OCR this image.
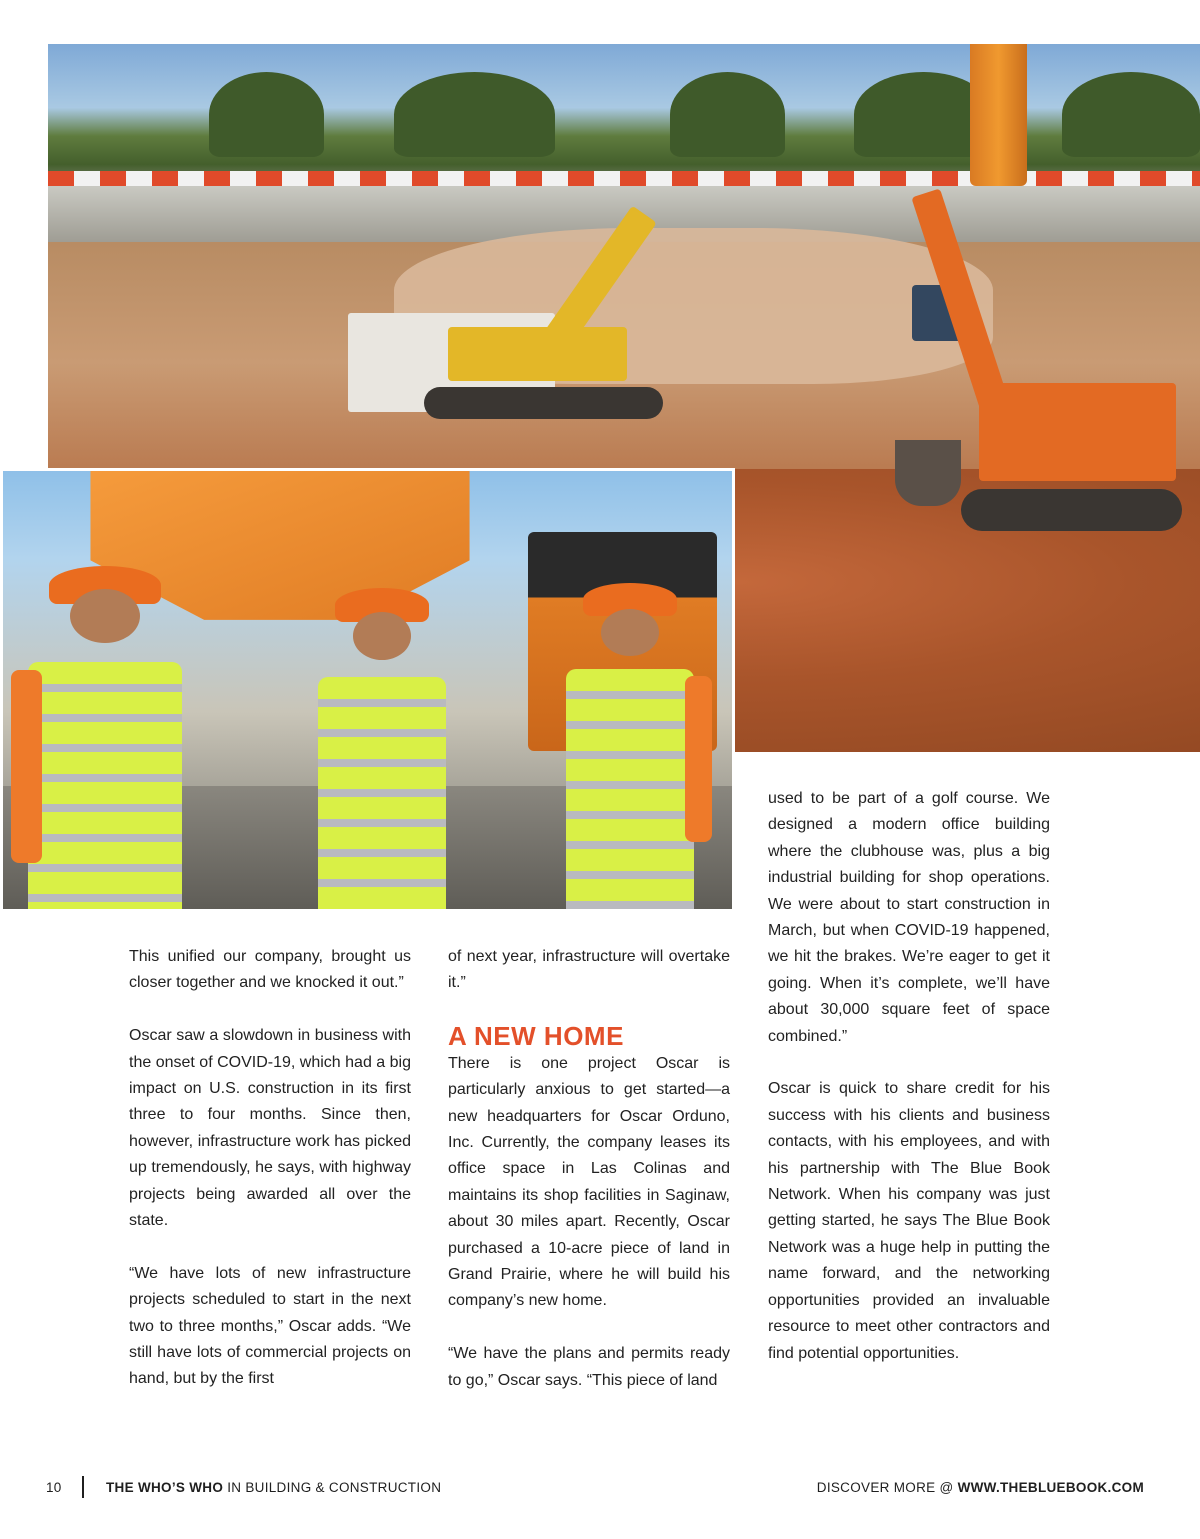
This unified our company, brought us closer together and we knocked it out.”

Oscar saw a slowdown in business with the onset of COVID-19, which had a big impact on U.S. construction in its first three to four months. Since then, however, infrastructure work has picked up tremendously, he says, with highway projects being awarded all over the state.

“We have lots of new infrastructure projects scheduled to start in the next two to three months,” Oscar adds. “We still have lots of commercial projects on hand, but by the first

of next year, infrastructure will overtake it.”

A NEW HOME

There is one project Oscar is particularly anxious to get started—a new headquarters for Oscar Orduno, Inc. Currently, the company leases its office space in Las Colinas and maintains its shop facilities in Saginaw, about 30 miles apart. Recently, Oscar purchased a 10-acre piece of land in Grand Prairie, where he will build his company’s new home.

“We have the plans and permits ready to go,” Oscar says. “This piece of land

used to be part of a golf course. We designed a modern office building where the clubhouse was, plus a big industrial building for shop operations. We were about to start construction in March, but when COVID-19 happened, we hit the brakes. We’re eager to get it going. When it’s complete, we’ll have about 30,000 square feet of space combined.”

Oscar is quick to share credit for his success with his clients and business contacts, with his employees, and with his partnership with The Blue Book Network. When his company was just getting started, he says The Blue Book Network was a huge help in putting the name forward, and the networking opportunities provided an invaluable resource to meet other contractors and find potential opportunities.

10	THE WHO’S WHO IN BUILDING & CONSTRUCTION	DISCOVER MORE @ WWW.THEBLUEBOOK.COM
